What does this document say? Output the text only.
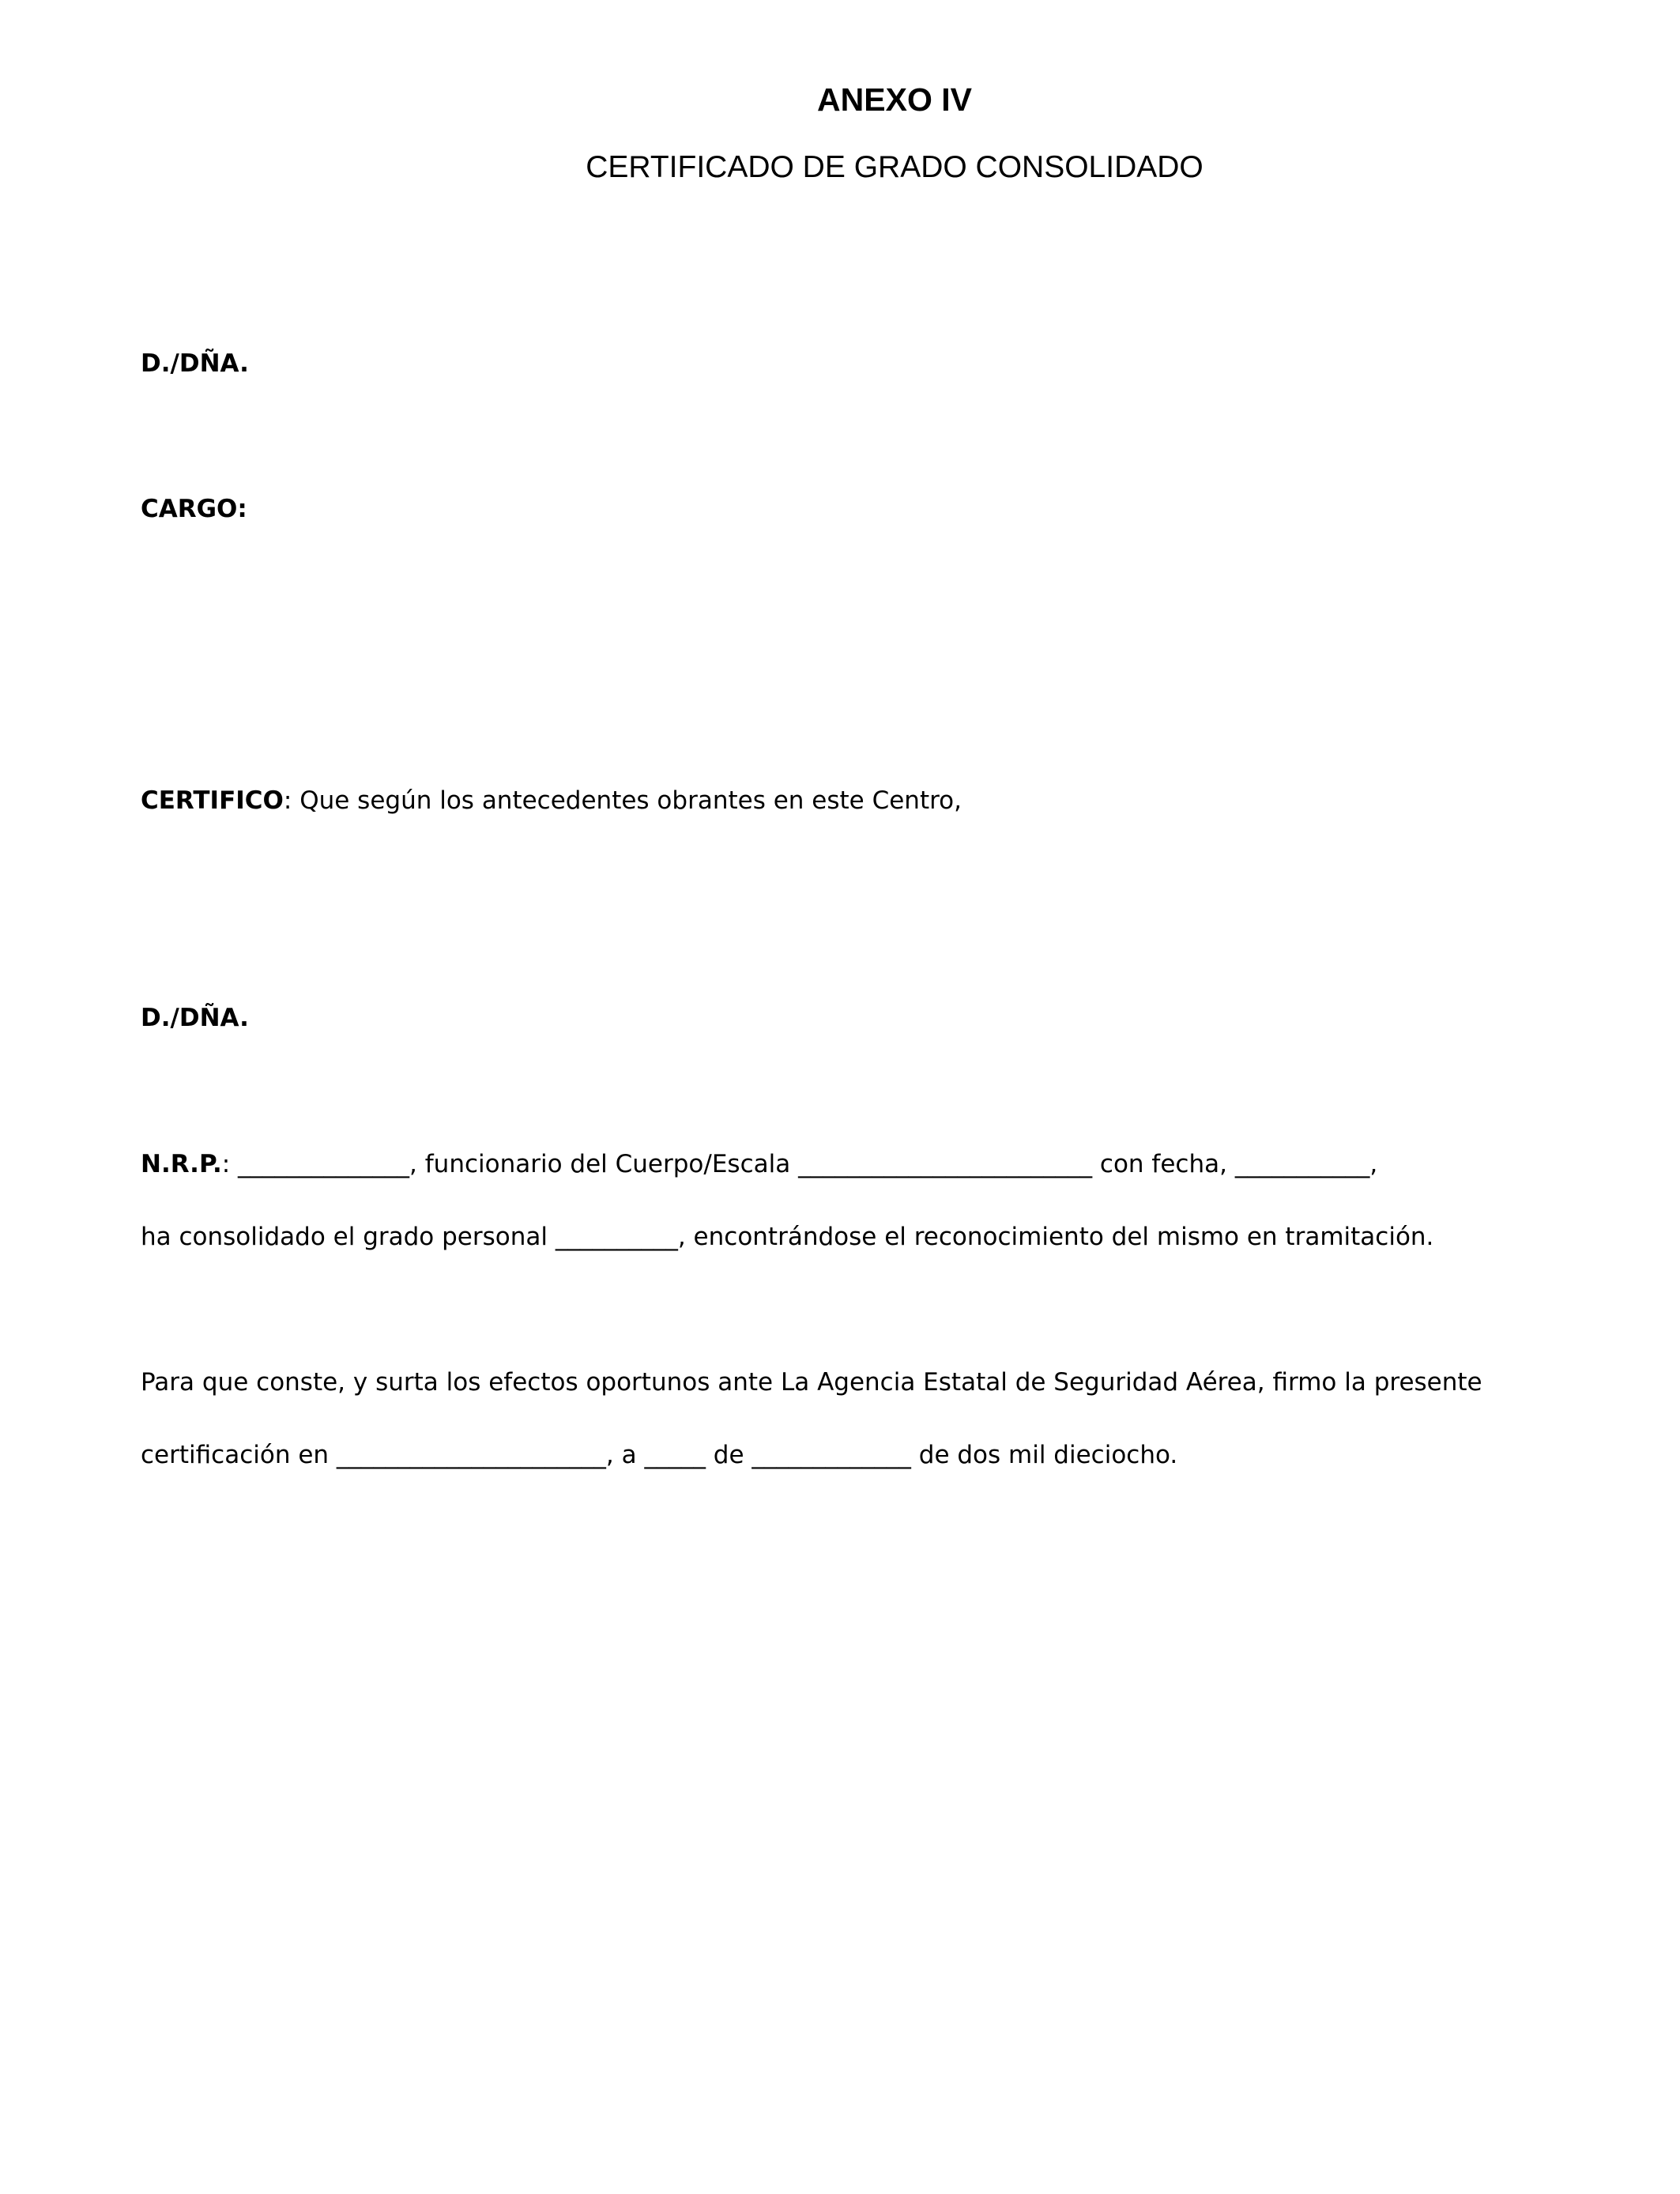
ANEXO IV
CERTIFICADO DE GRADO CONSOLIDADO
D./DÑA.
CARGO:
CERTIFICO: Que según los antecedentes obrantes en este Centro,
D./DÑA.
N.R.P.: ______________, funcionario del Cuerpo/Escala ________________________ con fecha, ___________,
ha consolidado el grado personal __________, encontrándose el reconocimiento del mismo en tramitación.
Para que conste, y surta los efectos oportunos ante La Agencia Estatal de Seguridad Aérea, firmo la presente
certificación en ______________________, a _____ de _____________ de dos mil dieciocho.
